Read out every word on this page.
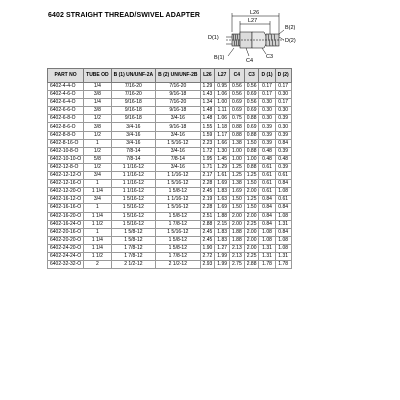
6402 STRAIGHT THREAD/SWIVEL ADAPTER	L26
L27
B(2)
D(2)
D(1)
B(1)	C4
C3
PART NO	TUBE OD	B (1) UN/UNF-2A	B (2) UN/UNF-2B	L26	L27	C4	C3	D (1)	D (2)
6402-4-4-O	1/4	7/16-20	7/16-20	1.29	0.95	0.56	0.56	0.17	0.17
6402-4-6-O	3/8	7/16-20	9/16-18	1.43	1.06	0.56	0.69	0.17	0.30
6402-6-4-O	1/4	9/16-18	7/16-20	1.34	1.00	0.69	0.56	0.30	0.17
6402-6-6-O	3/8	9/16-18	9/16-18	1.48	1.11	0.69	0.69	0.30	0.30
6402-6-8-O	1/2	9/16-18	3/4-16	1.48	1.06	0.75	0.88	0.30	0.39
6402-8-6-O	3/8	3/4-16	9/16-18	1.55	1.18	0.88	0.69	0.39	0.30
6402-8-8-O	1/2	3/4-16	3/4-16	1.59	1.17	0.88	0.88	0.39	0.39
6402-8-16-O	1	3/4-16	1 5/16-12	2.23	1.66	1.38	1.50	0.39	0.84
6402-10-8-O	1/2	7/8-14	3/4-16	1.72	1.30	1.00	0.88	0.48	0.39
6402-10-10-O	5/8	7/8-14	7/8-14	1.95	1.45	1.00	1.00	0.48	0.48
6402-12-8-O	1/2	1 1/16-12	3/4-16	1.71	1.29	1.25	0.88	0.61	0.39
6402-12-12-O	3/4	1 1/16-12	1 1/16-12	2.17	1.61	1.25	1.25	0.61	0.61
6402-12-16-O	1	1 1/16-12	1 5/16-12	2.28	1.69	1.38	1.50	0.61	0.84
6402-12-20-O	1 1/4	1 1/16-12	1 5/8-12	2.45	1.83	1.69	2.00	0.61	1.08
6402-16-12-O	3/4	1 5/16-12	1 1/16-12	2.19	1.63	1.50	1.25	0.84	0.61
6402-16-16-O	1	1 5/16-12	1 5/16-12	2.28	1.69	1.50	1.50	0.84	0.84
6402-16-20-O	1 1/4	1 5/16-12	1 5/8-12	2.51	1.88	2.00	2.00	0.84	1.08
6402-16-24-O	1 1/2	1 5/16-12	1 7/8-12	2.88	2.15	2.00	2.25	0.84	1.31
6402-20-16-O	1	1 5/8-12	1 5/16-12	2.45	1.83	1.88	2.00	1.08	0.84
6402-20-20-O	1 1/4	1 5/8-12	1 5/8-12	2.45	1.83	1.88	2.00	1.08	1.08
6402-24-20-O	1 1/4	1 7/8-12	1 5/8-12	1.90	1.27	2.13	2.00	1.31	1.08
6402-24-24-O	1 1/2	1 7/8-12	1 7/8-12	2.72	1.99	2.13	2.25	1.31	1.31
6402-32-32-O	2	2 1/2-12	2 1/2-12	2.93	1.99	2.75	2.88	1.78	1.78
